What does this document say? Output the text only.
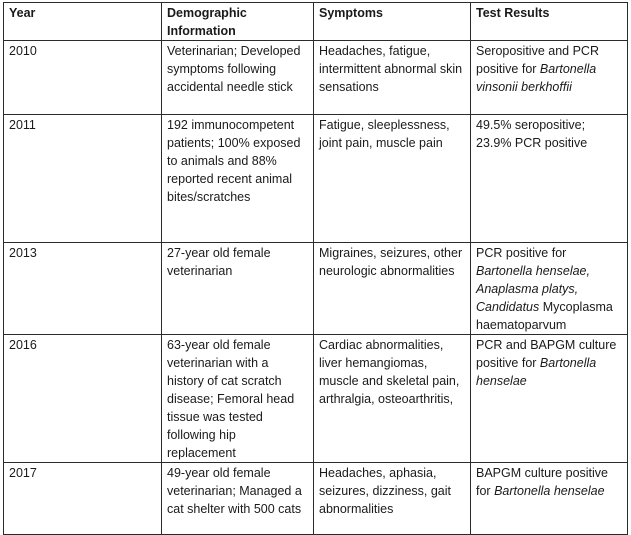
Year	Demographic Information	Symptoms	Test Results
2010	Veterinarian; Developed symptoms following accidental needle stick	Headaches, fatigue, intermittent abnormal skin sensations	Seropositive and PCR positive for Bartonella vinsonii berkhoffii
2011	192 immunocompetent patients; 100% exposed to animals and 88% reported recent animal bites/scratches	Fatigue, sleeplessness, joint pain, muscle pain	49.5% seropositive; 23.9% PCR positive
2013	27-year old female veterinarian	Migraines, seizures, other neurologic abnormalities	PCR positive for Bartonella henselae, Anaplasma platys, Candidatus Mycoplasma haematoparvum
2016	63-year old female veterinarian with a history of cat scratch disease; Femoral head tissue was tested following hip replacement	Cardiac abnormalities, liver hemangiomas, muscle and skeletal pain, arthralgia, osteoarthritis,	PCR and BAPGM culture positive for Bartonella henselae
2017	49-year old female veterinarian; Managed a cat shelter with 500 cats	Headaches, aphasia, seizures, dizziness, gait abnormalities	BAPGM culture positive for Bartonella henselae
